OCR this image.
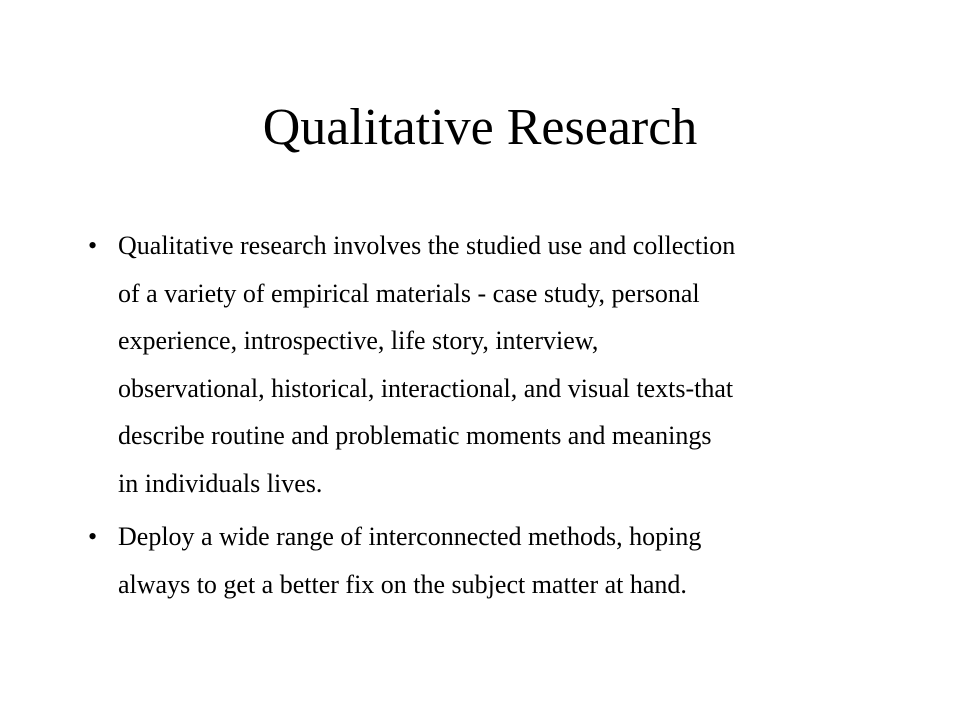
Qualitative Research
• Qualitative research involves the studied use and collection
of a variety of empirical materials - case study, personal
experience, introspective, life story, interview,
observational, historical, interactional, and visual texts-that
describe routine and problematic moments and meanings
in individuals lives.
• Deploy a wide range of interconnected methods, hoping
always to get a better fix on the subject matter at hand.
